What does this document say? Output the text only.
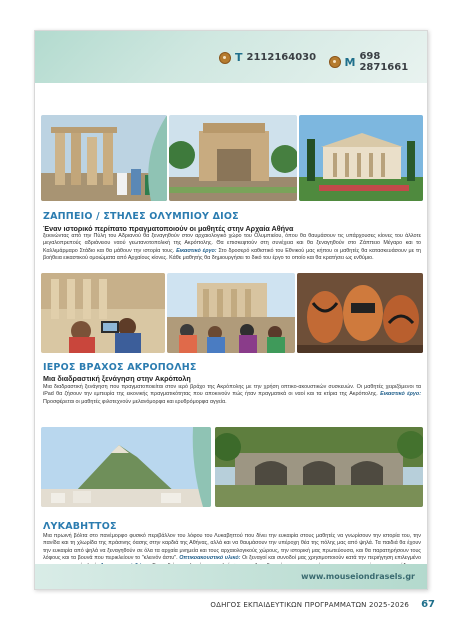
T 2112164030	M 698 2871661
ΖΑΠΠΕΙΟ / ΣΤΗΛΕΣ ΟΛΥΜΠΙΟΥ ΔΙΟΣ
Έναν ιστορικό περίπατο πραγματοποιούν οι μαθητές στην Αρχαία Αθήνα
ξεκινώντας από την Πύλη του Αδριανού θα ξεναγηθούν στον αρχαιολογικό χώρο του Ολυμπιείου, όπου θα θαυμάσουν τις υπάρχουσες κίονες του άλλοτε μεγαλοπρεπούς αδριάνειου ναού γεωτανοτοπολική της Ακρόπολης. Θα επισκεφτούν στη συνέχεια και θα ξεναγηθούν στο Ζάππειο Μέγαρο και το Καλλιμάρμαρο Στάδιο και θα μάθουν την ιστορία τους. Εικαστικό έργο: Στο δροσερό καθιστικό του Εθνικού μας κήπου οι μαθητές θα κατασκευάσουν με τη βοήθεια εικαστικού ομοιώματα από Αρχαίους κίονες. Κάθε μαθητής θα δημιουργήσει το δικό του έργο το οποίο και θα κρατήσει ως ενθύμιο.
ΙΕΡΟΣ ΒΡΑΧΟΣ ΑΚΡΟΠΟΛΗΣ
Μια διαδραστική ξενάγηση στην Ακρόπολη
Μια διαδραστική ξενάγηση που πραγματοποιείται στον ιερό βράχο της Ακρόπολης με την χρήση οπτικο-ακουστικών συσκευών. Οι μαθητές χειριζόμενοι τα iPad θα ζήσουν την εμπειρία της εικονικής πραγματικότητας που αποκινούν πώς ήταν πραγματικά οι ναοί και τα κτίρια της Ακρόπολης. Εικαστικό έργο: Προσφέρεται οι μαθητές φιλοτεχνούν μελανόμορφα και ερυθρόμορφα αγγεία.
ΛΥΚΑΒΗΤΤΟΣ
Μια πρωινή βόλτα στο πανέμορφο φυσικό περιβάλλον του λόφου του Λυκαβηττού που δίνει την ευκαιρία στους μαθητές να γνωρίσουν την ιστορία του, την πανίδα και τη χλωρίδα της πράσινης όασης στην καρδιά της Αθήνας, αλλά και να θαυμάσουν την υπέροχη θέα της πόλης μας από ψηλά. Τα παιδιά θα έχουν την ευκαιρία από ψηλά να ξεναγηθούν σε όλα τα αρχαία μνημεία και τους αρχαιολογικούς χώρους, την ιστορική μας πρωτεύουσα, και θα παρατηρήσουν τους λόφους και τα βουνά που περικλείουν το "κλεινόν άστυ". Οπτικοακουστικό υλικό: Οι ξεναγοί και συνοδοί μας χρησιμοποιούν κατά την περιήγηση επιλεγμένο
www.mouseiondrasels.gr
ΟΔΗΓΟΣ ΕΚΠΑΙΔΕΥΤΙΚΩΝ ΠΡΟΓΡΑΜΜΑΤΩΝ 2025-2026 67
